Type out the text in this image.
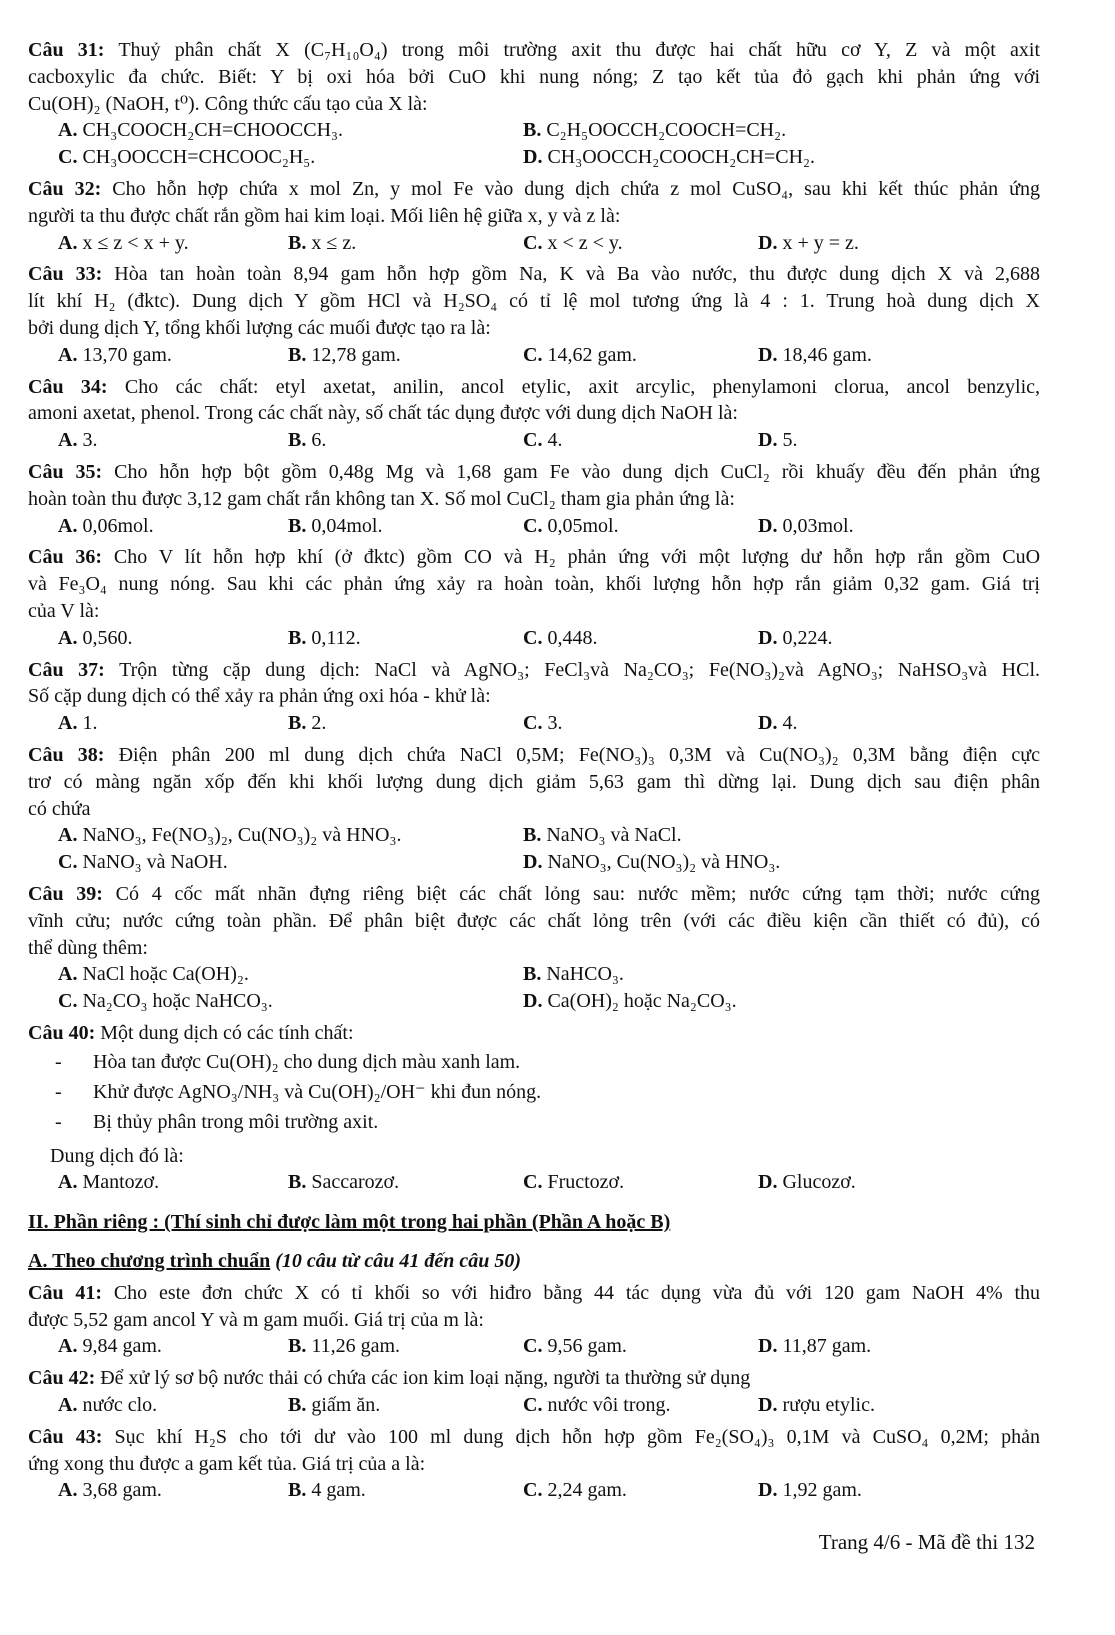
Câu 31: Thuỷ phân chất X (C₇H₁₀O₄) trong môi trường axit thu được hai chất hữu cơ Y, Z và một axit
cacboxylic đa chức. Biết: Y bị oxi hóa bởi CuO khi nung nóng; Z tạo kết tủa đỏ gạch khi phản ứng với
Cu(OH)₂ (NaOH, t⁰). Công thức cấu tạo của X là:
A. CH₃COOCH₂CH=CHOOCCH₃.	B. C₂H₅OOCCH₂COOCH=CH₂.
C. CH₃OOCCH=CHCOOC₂H₅.	D. CH₃OOCCH₂COOCH₂CH=CH₂.
Câu 32: Cho hỗn hợp chứa x mol Zn, y mol Fe vào dung dịch chứa z mol CuSO₄, sau khi kết thúc phản ứng
người ta thu được chất rắn gồm hai kim loại. Mối liên hệ giữa x, y và z là:
A. x ≤ z < x + y.	B. x ≤ z.	C. x < z < y.	D. x + y = z.
Câu 33: Hòa tan hoàn toàn 8,94 gam hỗn hợp gồm Na, K và Ba vào nước, thu được dung dịch X và 2,688
lít khí H₂ (đktc). Dung dịch Y gồm HCl và H₂SO₄ có tỉ lệ mol tương ứng là 4 : 1. Trung hoà dung dịch X
bởi dung dịch Y, tổng khối lượng các muối được tạo ra là:
A. 13,70 gam.	B. 12,78 gam.	C. 14,62 gam.	D. 18,46 gam.
Câu 34: Cho các chất: etyl axetat, anilin, ancol etylic, axit arcylic, phenylamoni clorua, ancol benzylic,
amoni axetat, phenol. Trong các chất này, số chất tác dụng được với dung dịch NaOH là:
A. 3.	B. 6.	C. 4.	D. 5.
Câu 35: Cho hỗn hợp bột gồm 0,48g Mg và 1,68 gam Fe vào dung dịch CuCl₂ rồi khuấy đều đến phản ứng
hoàn toàn thu được 3,12 gam chất rắn không tan X. Số mol CuCl₂ tham gia phản ứng là:
A. 0,06mol.	B. 0,04mol.	C. 0,05mol.	D. 0,03mol.
Câu 36: Cho V lít hỗn hợp khí (ở đktc) gồm CO và H₂ phản ứng với một lượng dư hỗn hợp rắn gồm CuO
và Fe₃O₄ nung nóng. Sau khi các phản ứng xảy ra hoàn toàn, khối lượng hỗn hợp rắn giảm 0,32 gam. Giá trị
của V là:
A. 0,560.	B. 0,112.	C. 0,448.	D. 0,224.
Câu 37: Trộn từng cặp dung dịch: NaCl và AgNO₃; FeCl₃và Na₂CO₃; Fe(NO₃)₂và AgNO₃; NaHSO₃và HCl.
Số cặp dung dịch có thể xảy ra phản ứng oxi hóa - khử là:
A. 1.	B. 2.	C. 3.	D. 4.
Câu 38: Điện phân 200 ml dung dịch chứa NaCl 0,5M; Fe(NO₃)₃ 0,3M và Cu(NO₃)₂ 0,3M bằng điện cực
trơ có màng ngăn xốp đến khi khối lượng dung dịch giảm 5,63 gam thì dừng lại. Dung dịch sau điện phân
có chứa
A. NaNO₃, Fe(NO₃)₂, Cu(NO₃)₂ và HNO₃.	B. NaNO₃ và NaCl.
C. NaNO₃ và NaOH.	D. NaNO₃, Cu(NO₃)₂ và HNO₃.
Câu 39: Có 4 cốc mất nhãn đựng riêng biệt các chất lỏng sau: nước mềm; nước cứng tạm thời; nước cứng
vĩnh cửu; nước cứng toàn phần. Để phân biệt được các chất lỏng trên (với các điều kiện cần thiết có đủ), có
thể dùng thêm:
A. NaCl hoặc Ca(OH)₂.	B. NaHCO₃.
C. Na₂CO₃ hoặc NaHCO₃.	D. Ca(OH)₂ hoặc Na₂CO₃.
Câu 40: Một dung dịch có các tính chất:
- Hòa tan được Cu(OH)₂ cho dung dịch màu xanh lam.
- Khử được AgNO₃/NH₃ và Cu(OH)₂/OH⁻ khi đun nóng.
- Bị thủy phân trong môi trường axit.
Dung dịch đó là:
A. Mantozơ.	B. Saccarozơ.	C. Fructozơ.	D. Glucozơ.
II. Phần riêng : (Thí sinh chỉ được làm một trong hai phần (Phần A hoặc B)
A. Theo chương trình chuẩn (10 câu từ câu 41 đến câu 50)
Câu 41: Cho este đơn chức X có tỉ khối so với hiđro bằng 44 tác dụng vừa đủ với 120 gam NaOH 4% thu
được 5,52 gam ancol Y và m gam muối. Giá trị của m là:
A. 9,84 gam.	B. 11,26 gam.	C. 9,56 gam.	D. 11,87 gam.
Câu 42: Để xử lý sơ bộ nước thải có chứa các ion kim loại nặng, người ta thường sử dụng
A. nước clo.	B. giấm ăn.	C. nước vôi trong.	D. rượu etylic.
Câu 43: Sục khí H₂S cho tới dư vào 100 ml dung dịch hỗn hợp gồm Fe₂(SO₄)₃ 0,1M và CuSO₄ 0,2M; phản
ứng xong thu được a gam kết tủa. Giá trị của a là:
A. 3,68 gam.	B. 4 gam.	C. 2,24 gam.	D. 1,92 gam.
Trang 4/6 - Mã đề thi 132
